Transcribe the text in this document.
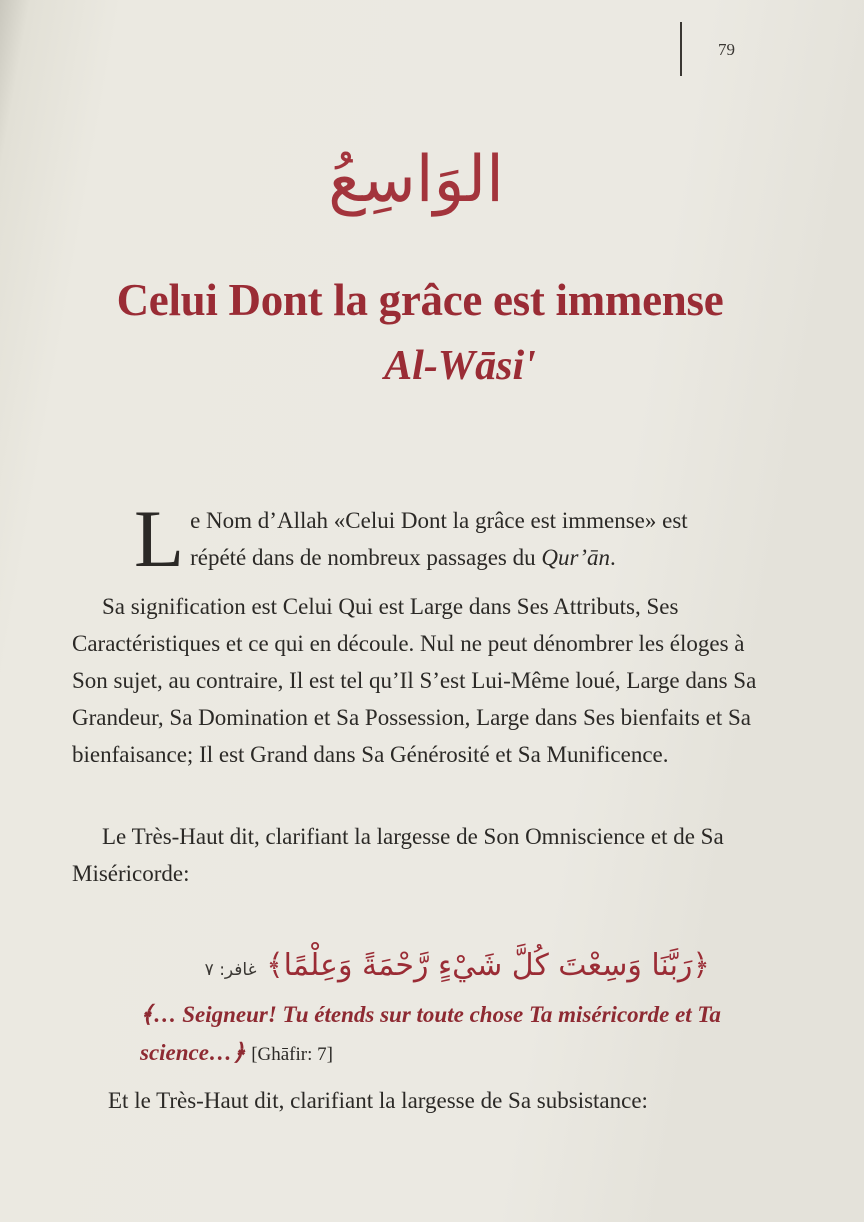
79
الوَاسِعُ
Celui Dont la grâce est immense
Al-Wāsi'
L e Nom d’Allah «Celui Dont la grâce est immense» est
répété dans de nombreux passages du Qur’ān.
Sa signification est Celui Qui est Large dans Ses Attributs, Ses Caractéristiques et ce qui en découle. Nul ne peut dénombrer les éloges à Son sujet, au contraire, Il est tel qu’Il S’est Lui-Même loué, Large dans Sa Grandeur, Sa Domination et Sa Possession, Large dans Ses bienfaits et Sa bienfaisance; Il est Grand dans Sa Générosité et Sa Munificence.
Le Très-Haut dit, clarifiant la largesse de Son Omniscience et de Sa Miséricorde:
﴿رَبَّنَا وَسِعْتَ كُلَّ شَيْءٍ رَّحْمَةً وَعِلْمًا﴾ غافر: ٧
﴾… Seigneur! Tu étends sur toute chose Ta miséricorde et Ta science…﴿ [Ghāfir: 7]
Et le Très-Haut dit, clarifiant la largesse de Sa subsistance:
